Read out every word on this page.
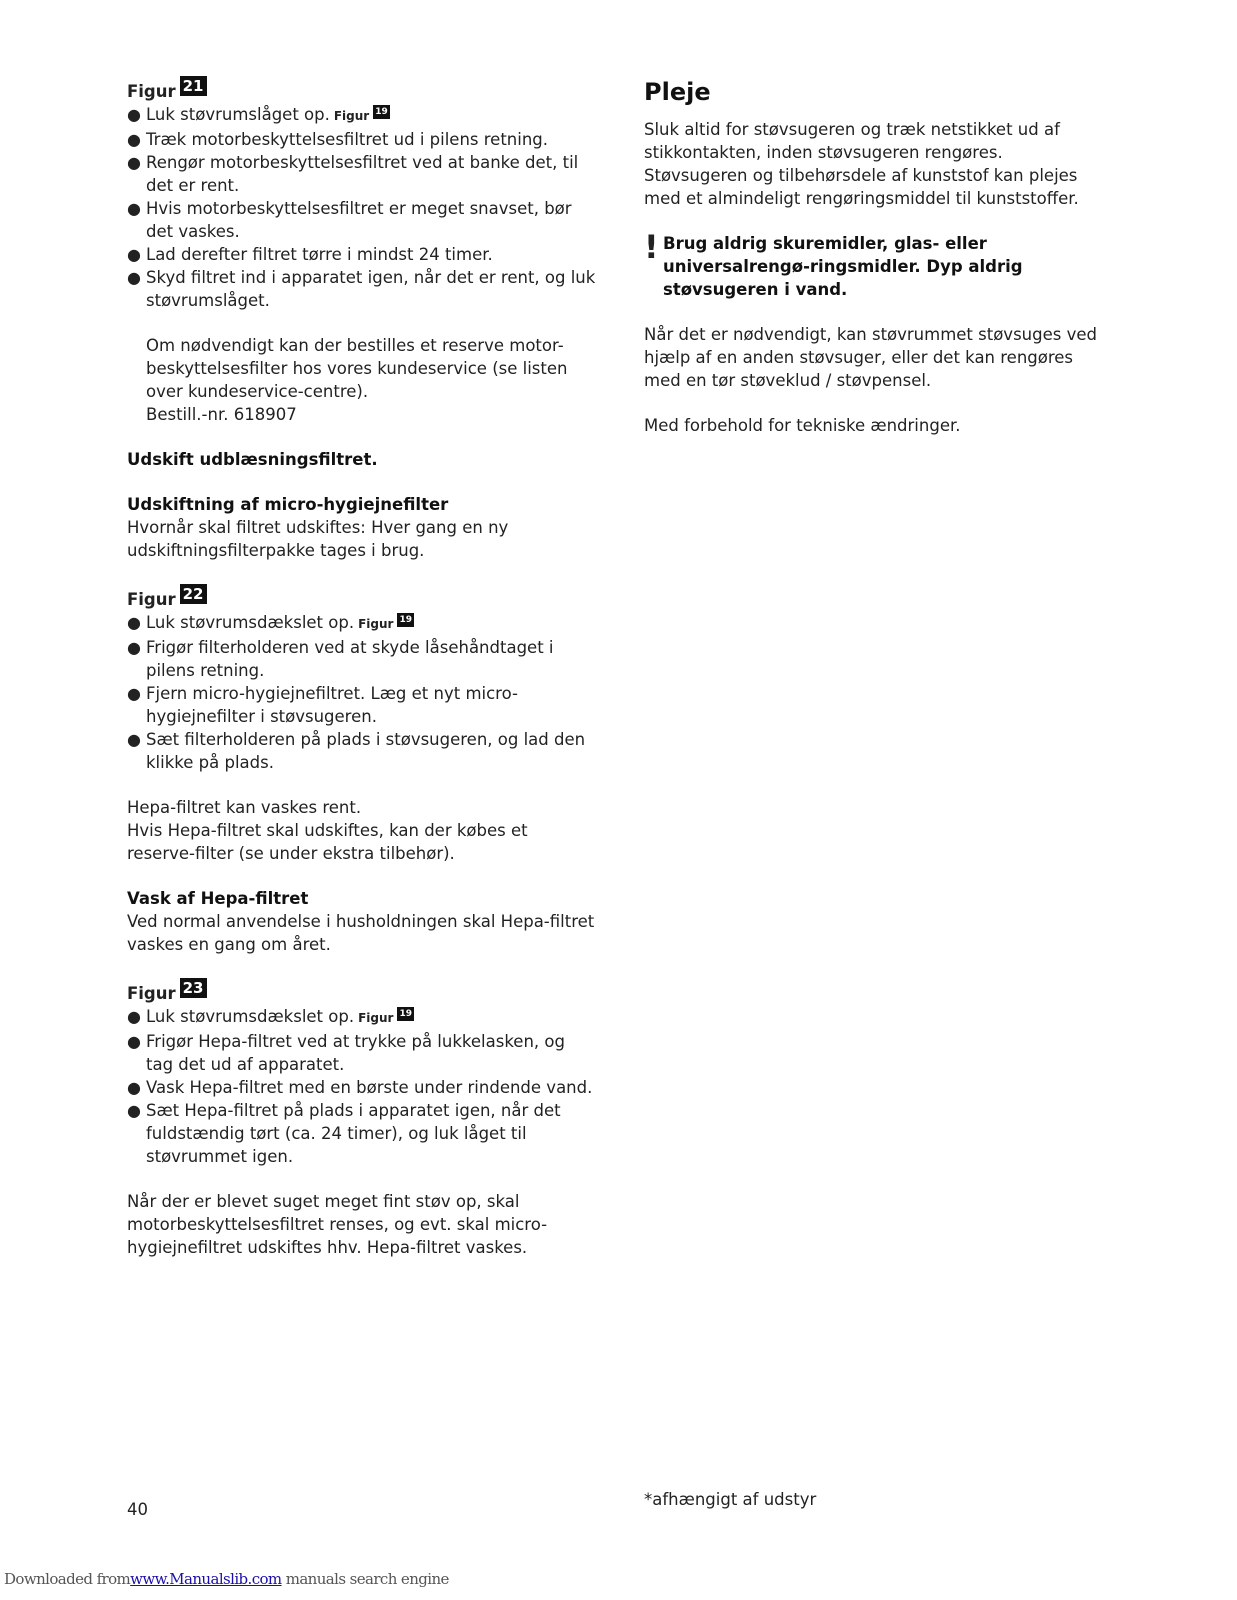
Figur 21

● Luk støvrumslåget op. Figur 19
● Træk motorbeskyttelsesfiltret ud i pilens retning.
● Rengør motorbeskyttelsesfiltret ved at banke det, til det er rent.
● Hvis motorbeskyttelsesfiltret er meget snavset, bør det vaskes.
● Lad derefter filtret tørre i mindst 24 timer.
● Skyd filtret ind i apparatet igen, når det er rent, og luk støvrumslåget.

Om nødvendigt kan der bestilles et reserve motor-beskyttelsesfilter hos vores kundeservice (se listen over kundeservice-centre).

Bestill.-nr. 618907

Udskift udblæsningsfiltret.

Udskiftning af micro-hygiejnefilter

Hvornår skal filtret udskiftes: Hver gang en ny udskiftningsfilterpakke tages i brug.

Figur 22

● Luk støvrumsdækslet op. Figur 19
● Frigør filterholderen ved at skyde låsehåndtaget i pilens retning.
● Fjern micro-hygiejnefiltret. Læg et nyt micro-hygiejnefilter i støvsugeren.
● Sæt filterholderen på plads i støvsugeren, og lad den klikke på plads.

Hepa-filtret kan vaskes rent.

Hvis Hepa-filtret skal udskiftes, kan der købes et reserve-filter (se under ekstra tilbehør).

Vask af Hepa-filtret

Ved normal anvendelse i husholdningen skal Hepa-filtret vaskes en gang om året.

Figur 23

● Luk støvrumsdækslet op. Figur 19
● Frigør Hepa-filtret ved at trykke på lukkelasken, og tag det ud af apparatet.
● Vask Hepa-filtret med en børste under rindende vand.
● Sæt Hepa-filtret på plads i apparatet igen, når det fuldstændig tørt (ca. 24 timer), og luk låget til støvrummet igen.

Når der er blevet suget meget fint støv op, skal motorbeskyttelsesfiltret renses, og evt. skal micro-hygiejnefiltret udskiftes hhv. Hepa-filtret vaskes.

Pleje

Sluk altid for støvsugeren og træk netstikket ud af stikkontakten, inden støvsugeren rengøres. Støvsugeren og tilbehørsdele af kunststof kan plejes med et almindeligt rengøringsmiddel til kunststoffer.

! Brug aldrig skuremidler, glas- eller universalrengø-ringsmidler. Dyp aldrig støvsugeren i vand.

Når det er nødvendigt, kan støvrummet støvsuges ved hjælp af en anden støvsuger, eller det kan rengøres med en tør støveklud / støvpensel.

Med forbehold for tekniske ændringer.

40
*afhængigt af udstyr
Downloaded fromwww.Manualslib.com manuals search engine
